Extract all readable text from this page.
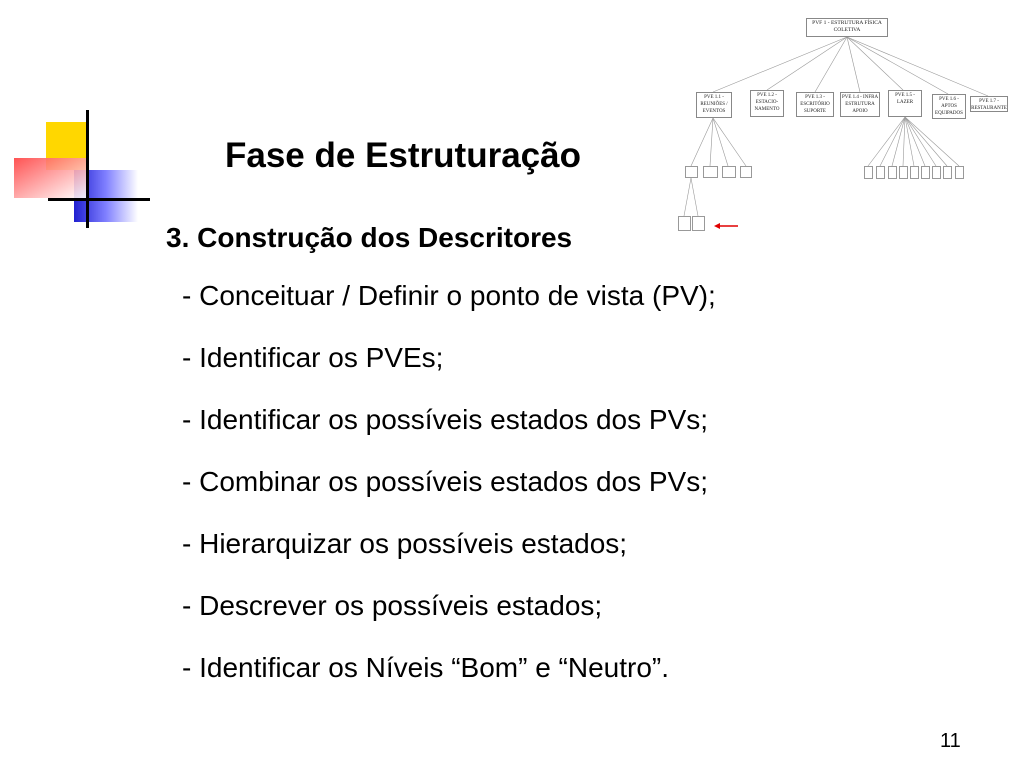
PVF 1 - ESTRUTURA FÍSICA COLETIVA
PVE 1.1 - REUNIÕES / EVENTOS
PVE 1.2 - ESTACIO-NAMENTO
PVE 1.3 - ESCRITÓRIO SUPORTE
PVE 1.4 - INFRA ESTRUTURA APOIO
PVE 1.5 - LAZER
PVE 1.6 - APTOS EQUIPADOS
PVE 1.7 - RESTAURANTE
Fase de Estruturação
3. Construção dos Descritores
- Conceituar / Definir o ponto de vista (PV);
- Identificar os PVEs;
- Identificar os possíveis estados dos PVs;
- Combinar os possíveis estados dos PVs;
- Hierarquizar os possíveis estados;
- Descrever os possíveis estados;
- Identificar os Níveis “Bom” e “Neutro”.
11
